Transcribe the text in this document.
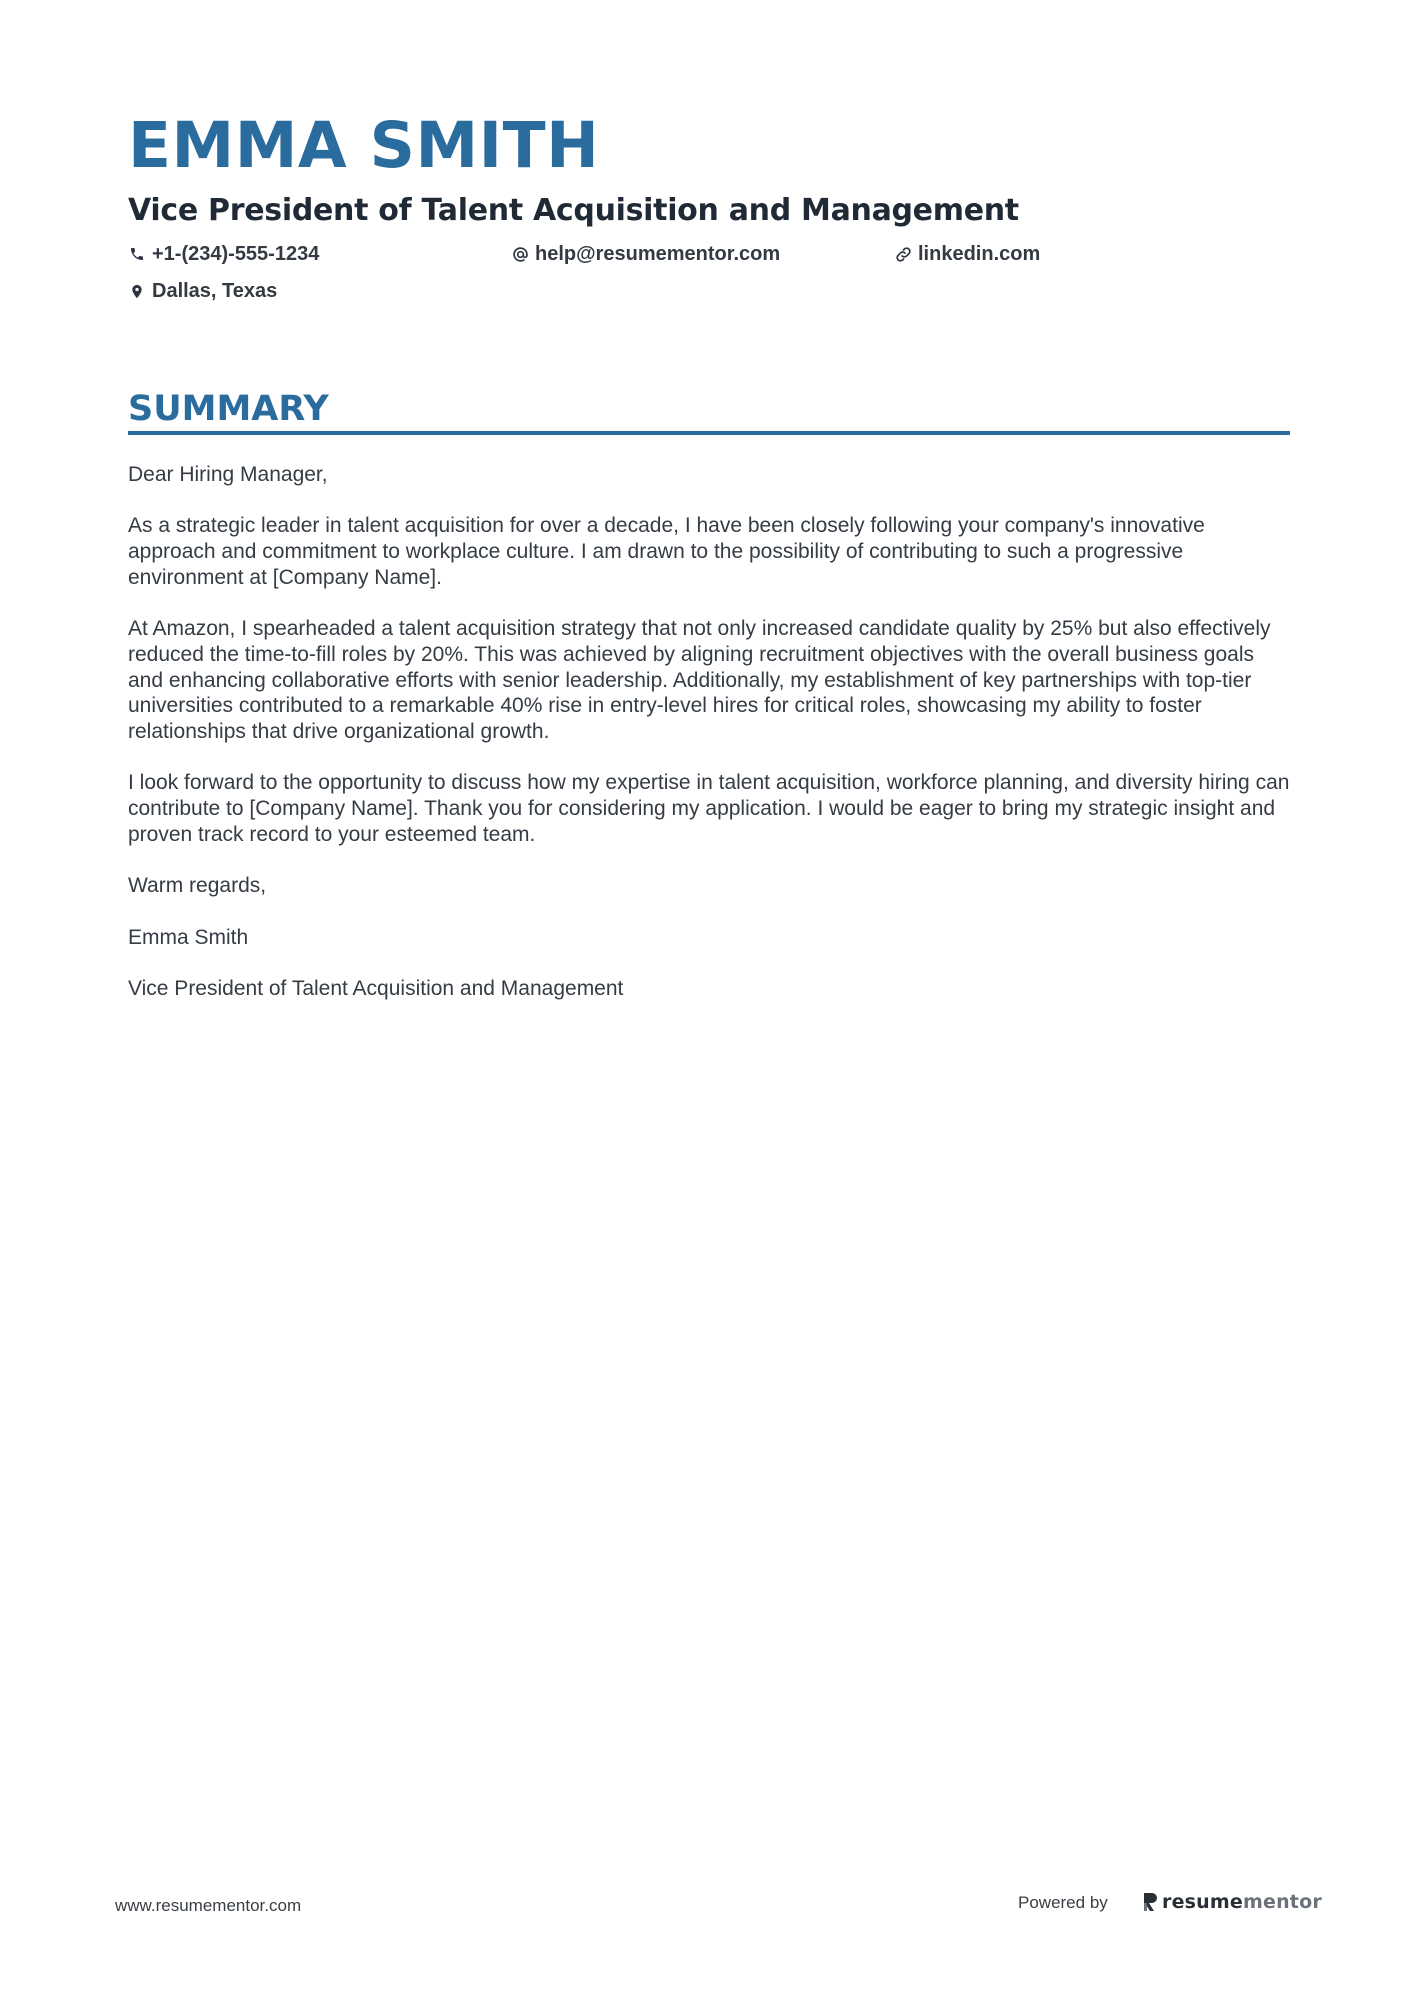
EMMA SMITH
Vice President of Talent Acquisition and Management
+1-(234)-555-1234	help@resumementor.com	linkedin.com
Dallas, Texas
SUMMARY

Dear Hiring Manager,

As a strategic leader in talent acquisition for over a decade, I have been closely following your company's innovative approach and commitment to workplace culture. I am drawn to the possibility of contributing to such a progressive environment at [Company Name].

At Amazon, I spearheaded a talent acquisition strategy that not only increased candidate quality by 25% but also effectively reduced the time-to-fill roles by 20%. This was achieved by aligning recruitment objectives with the overall business goals and enhancing collaborative efforts with senior leadership. Additionally, my establishment of key partnerships with top-tier universities contributed to a remarkable 40% rise in entry-level hires for critical roles, showcasing my ability to foster relationships that drive organizational growth.

I look forward to the opportunity to discuss how my expertise in talent acquisition, workforce planning, and diversity hiring can contribute to [Company Name]. Thank you for considering my application. I would be eager to bring my strategic insight and proven track record to your esteemed team.

Warm regards,

Emma Smith

Vice President of Talent Acquisition and Management

www.resumementor.com	Powered by	resume mentor
